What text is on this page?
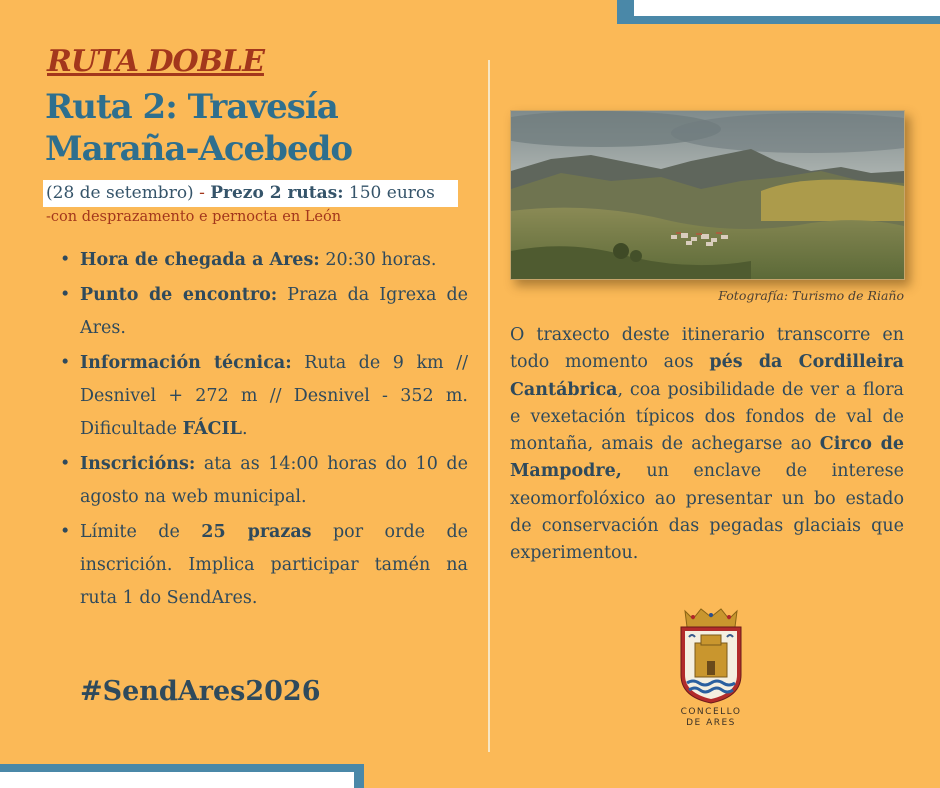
RUTA DOBLE
Ruta 2: Travesía
Maraña-Acebedo
(28 de setembro) - Prezo 2 rutas: 150 euros
-con desprazamento e pernocta en León
• Hora de chegada a Ares: 20:30 horas.
• Punto de encontro: Praza da Igrexa de Ares.
• Información técnica: Ruta de 9 km // Desnivel + 272 m // Desnivel - 352 m. Dificultade FÁCIL.
• Inscricións: ata as 14:00 horas do 10 de agosto na web municipal.
• Límite de 25 prazas por orde de inscrición. Implica participar tamén na ruta 1 do SendAres.
#SendAres2026
Fotografía: Turismo de Riaño
O traxecto deste itinerario transcorre en todo momento aos pés da Cordilleira Cantábrica, coa posibilidade de ver a flora e vexetación típicos dos fondos de val de montaña, amais de achegarse ao Circo de Mampodre, un enclave de interese xeomorfolóxico ao presentar un bo estado de conservación das pegadas glaciais que experimentou.
CONCELLO
DE ARES
